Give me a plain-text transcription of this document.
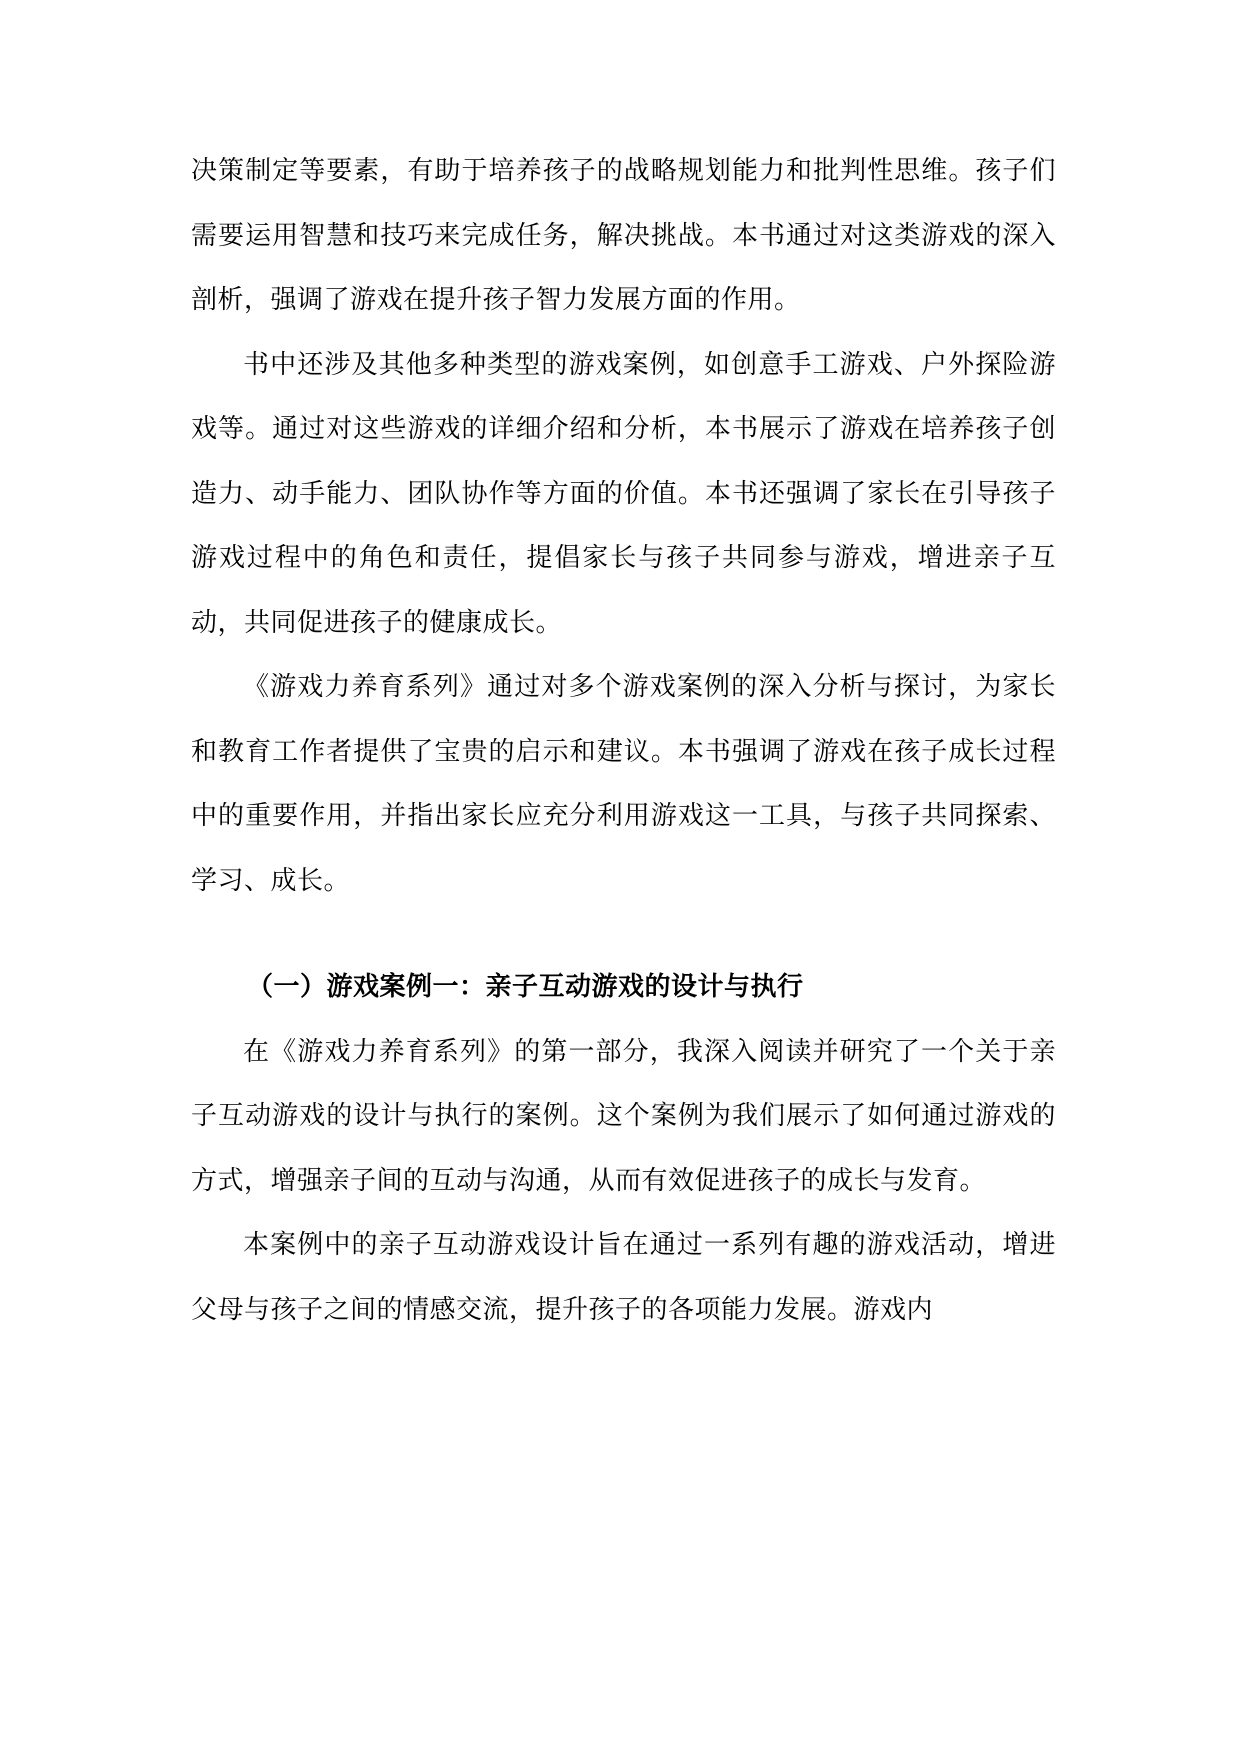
决策制定等要素，有助于培养孩子的战略规划能力和批判性思维。孩子们需要运用智慧和技巧来完成任务，解决挑战。本书通过对这类游戏的深入剖析，强调了游戏在提升孩子智力发展方面的作用。

书中还涉及其他多种类型的游戏案例，如创意手工游戏、户外探险游戏等。通过对这些游戏的详细介绍和分析，本书展示了游戏在培养孩子创造力、动手能力、团队协作等方面的价值。本书还强调了家长在引导孩子游戏过程中的角色和责任，提倡家长与孩子共同参与游戏，增进亲子互动，共同促进孩子的健康成长。

《游戏力养育系列》通过对多个游戏案例的深入分析与探讨，为家长和教育工作者提供了宝贵的启示和建议。本书强调了游戏在孩子成长过程中的重要作用，并指出家长应充分利用游戏这一工具，与孩子共同探索、学习、成长。

（一）游戏案例一：亲子互动游戏的设计与执行

在《游戏力养育系列》的第一部分，我深入阅读并研究了一个关于亲子互动游戏的设计与执行的案例。这个案例为我们展示了如何通过游戏的方式，增强亲子间的互动与沟通，从而有效促进孩子的成长与发育。

本案例中的亲子互动游戏设计旨在通过一系列有趣的游戏活动，增进父母与孩子之间的情感交流，提升孩子的各项能力发展。游戏内
